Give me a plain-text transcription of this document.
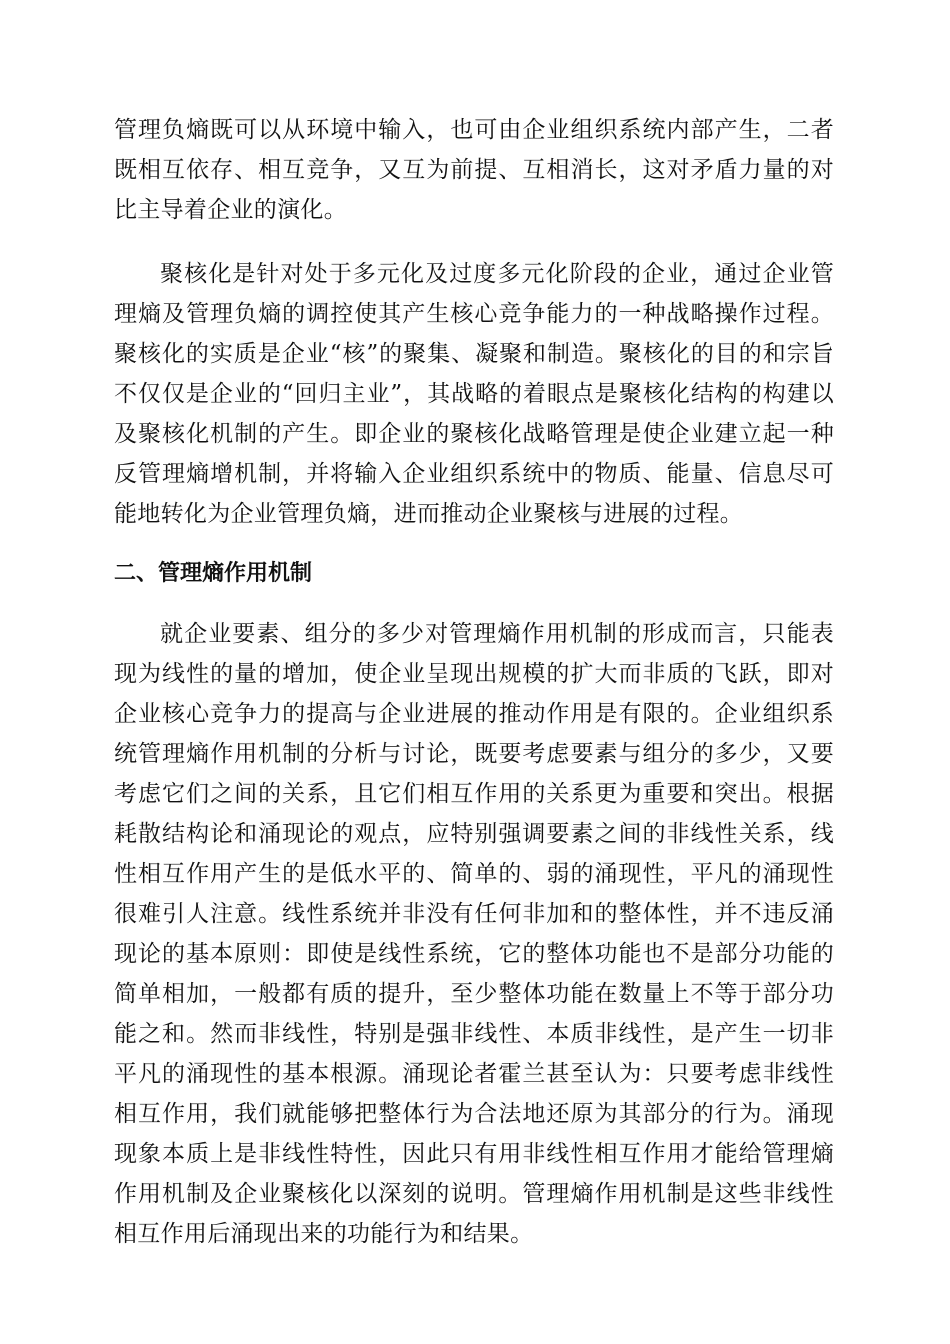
管理负熵既可以从环境中输入，也可由企业组织系统内部产生，二者既相互依存、相互竞争，又互为前提、互相消长，这对矛盾力量的对比主导着企业的演化。

聚核化是针对处于多元化及过度多元化阶段的企业，通过企业管理熵及管理负熵的调控使其产生核心竞争能力的一种战略操作过程。聚核化的实质是企业“核”的聚集、凝聚和制造。聚核化的目的和宗旨不仅仅是企业的“回归主业”，其战略的着眼点是聚核化结构的构建以及聚核化机制的产生。即企业的聚核化战略管理是使企业建立起一种反管理熵增机制，并将输入企业组织系统中的物质、能量、信息尽可能地转化为企业管理负熵，进而推动企业聚核与进展的过程。

二、管理熵作用机制

就企业要素、组分的多少对管理熵作用机制的形成而言，只能表现为线性的量的增加，使企业呈现出规模的扩大而非质的飞跃，即对企业核心竞争力的提高与企业进展的推动作用是有限的。企业组织系统管理熵作用机制的分析与讨论，既要考虑要素与组分的多少，又要考虑它们之间的关系，且它们相互作用的关系更为重要和突出。根据耗散结构论和涌现论的观点，应特别强调要素之间的非线性关系，线性相互作用产生的是低水平的、简单的、弱的涌现性，平凡的涌现性很难引人注意。线性系统并非没有任何非加和的整体性，并不违反涌现论的基本原则：即使是线性系统，它的整体功能也不是部分功能的简单相加，一般都有质的提升，至少整体功能在数量上不等于部分功能之和。然而非线性，特别是强非线性、本质非线性，是产生一切非平凡的涌现性的基本根源。涌现论者霍兰甚至认为：只要考虑非线性相互作用，我们就能够把整体行为合法地还原为其部分的行为。涌现现象本质上是非线性特性，因此只有用非线性相互作用才能给管理熵作用机制及企业聚核化以深刻的说明。管理熵作用机制是这些非线性相互作用后涌现出来的功能行为和结果。
